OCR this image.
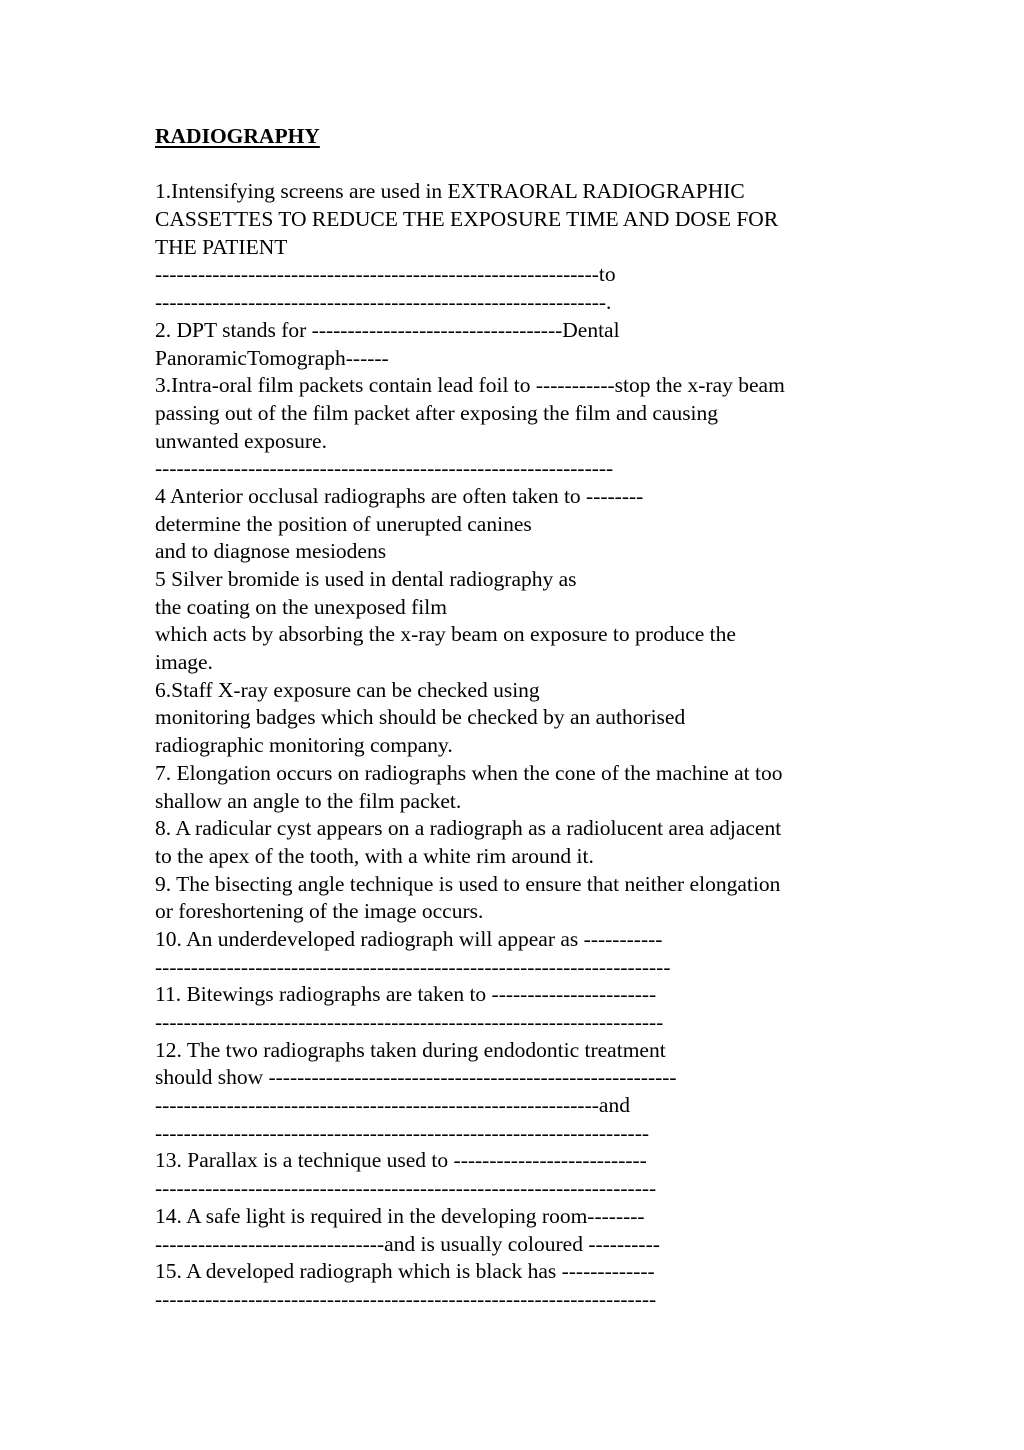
RADIOGRAPHY
1.Intensifying screens are used in EXTRAORAL RADIOGRAPHIC
CASSETTES TO REDUCE THE EXPOSURE TIME AND DOSE FOR
THE PATIENT
--------------------------------------------------------------to
---------------------------------------------------------------.
2. DPT stands for -----------------------------------Dental
PanoramicTomograph------
3.Intra-oral film packets contain lead foil to -----------stop the x-ray beam
passing out of the film packet after exposing the film and causing
unwanted exposure.
----------------------------------------------------------------
4 Anterior occlusal radiographs are often taken to --------
determine the position of unerupted canines
and to diagnose mesiodens
5 Silver bromide is used in dental radiography as
the coating on the unexposed film
which acts by absorbing the x-ray beam on exposure to produce the
image.
6.Staff X-ray exposure can be checked using
monitoring badges which should be checked by an authorised
radiographic monitoring company.
7. Elongation occurs on radiographs when the cone of the machine at too
shallow an angle to the film packet.
8. A radicular cyst appears on a radiograph as a radiolucent area adjacent
to the apex of the tooth, with a white rim around it.
9. The bisecting angle technique is used to ensure that neither elongation
or foreshortening of the image occurs.
10. An underdeveloped radiograph will appear as -----------
------------------------------------------------------------------------
11. Bitewings radiographs are taken to -----------------------
-----------------------------------------------------------------------
12. The two radiographs taken during endodontic treatment
should show ---------------------------------------------------------
--------------------------------------------------------------and
---------------------------------------------------------------------
13. Parallax is a technique used to ---------------------------
----------------------------------------------------------------------
14. A safe light is required in the developing room--------
--------------------------------and is usually coloured ----------
15. A developed radiograph which is black has -------------
----------------------------------------------------------------------
